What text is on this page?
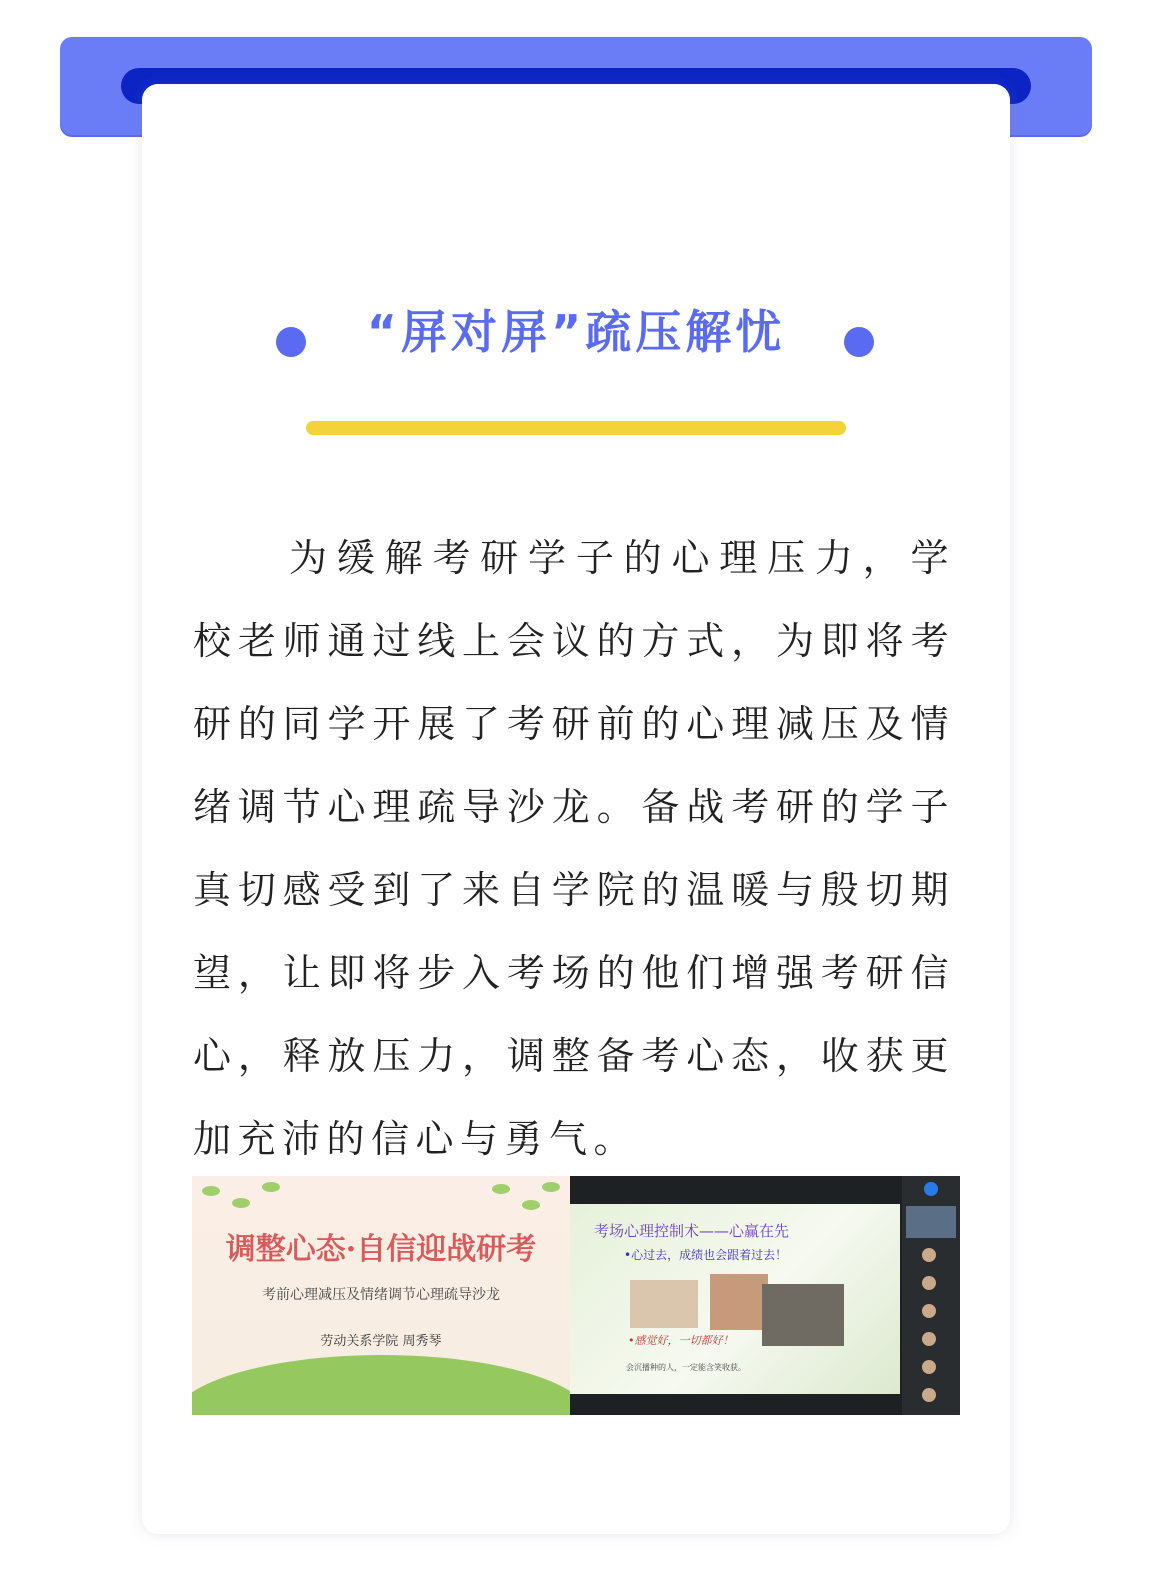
“屏对屏”疏压解忧
为缓解考研学子的心理压力，学校老师通过线上会议的方式，为即将考研的同学开展了考研前的心理减压及情绪调节心理疏导沙龙。备战考研的学子真切感受到了来自学院的温暖与殷切期望，让即将步入考场的他们增强考研信心，释放压力，调整备考心态，收获更加充沛的信心与勇气。
调整心态·自信迎战研考
考前心理减压及情绪调节心理疏导沙龙
劳动关系学院 周秀琴
考场心理控制术——心赢在先
•心过去，成绩也会跟着过去！
•感觉好，一切都好！
会沉播种的人，一定能含笑收获。
